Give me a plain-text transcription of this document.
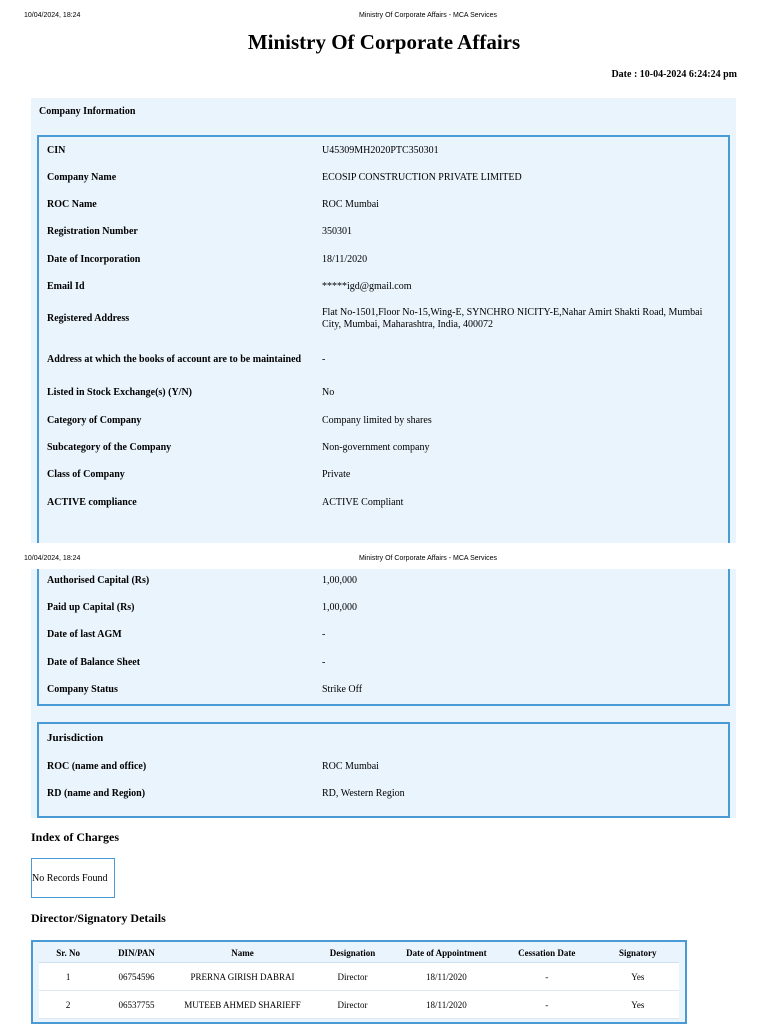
10/04/2024, 18:24	Ministry Of Corporate Affairs - MCA Services
Ministry Of Corporate Affairs
Date : 10-04-2024 6:24:24 pm
Company Information
CIN	U45309MH2020PTC350301
Company Name	ECOSIP CONSTRUCTION PRIVATE LIMITED
ROC Name	ROC Mumbai
Registration Number	350301
Date of Incorporation	18/11/2020
Email Id	*****igd@gmail.com
Registered Address
Flat No-1501,Floor No-15,Wing-E, SYNCHRO NICITY-E,Nahar Amirt Shakti Road, Mumbai City, Mumbai, Maharashtra, India, 400072
Address at which the books of account are to be maintained	-
Listed in Stock Exchange(s) (Y/N)	No
Category of Company	Company limited by shares
Subcategory of the Company	Non-government company
Class of Company	Private
ACTIVE compliance	ACTIVE Compliant
Authorised Capital (Rs)	1,00,000
Paid up Capital (Rs)	1,00,000
Date of last AGM	-
Date of Balance Sheet	-
Company Status	Strike Off
Jurisdiction
ROC (name and office)	ROC Mumbai
RD (name and Region)	RD, Western Region
10/04/2024, 18:24	Ministry Of Corporate Affairs - MCA Services
Index of Charges
No Records Found
Director/Signatory Details
Sr. No	DIN/PAN	Name	Designation	Date of Appointment	Cessation Date	Signatory
1	06754596	PRERNA GIRISH DABRAI	Director	18/11/2020	-	Yes
2	06537755	MUTEEB AHMED SHARIEFF	Director	18/11/2020	-	Yes
